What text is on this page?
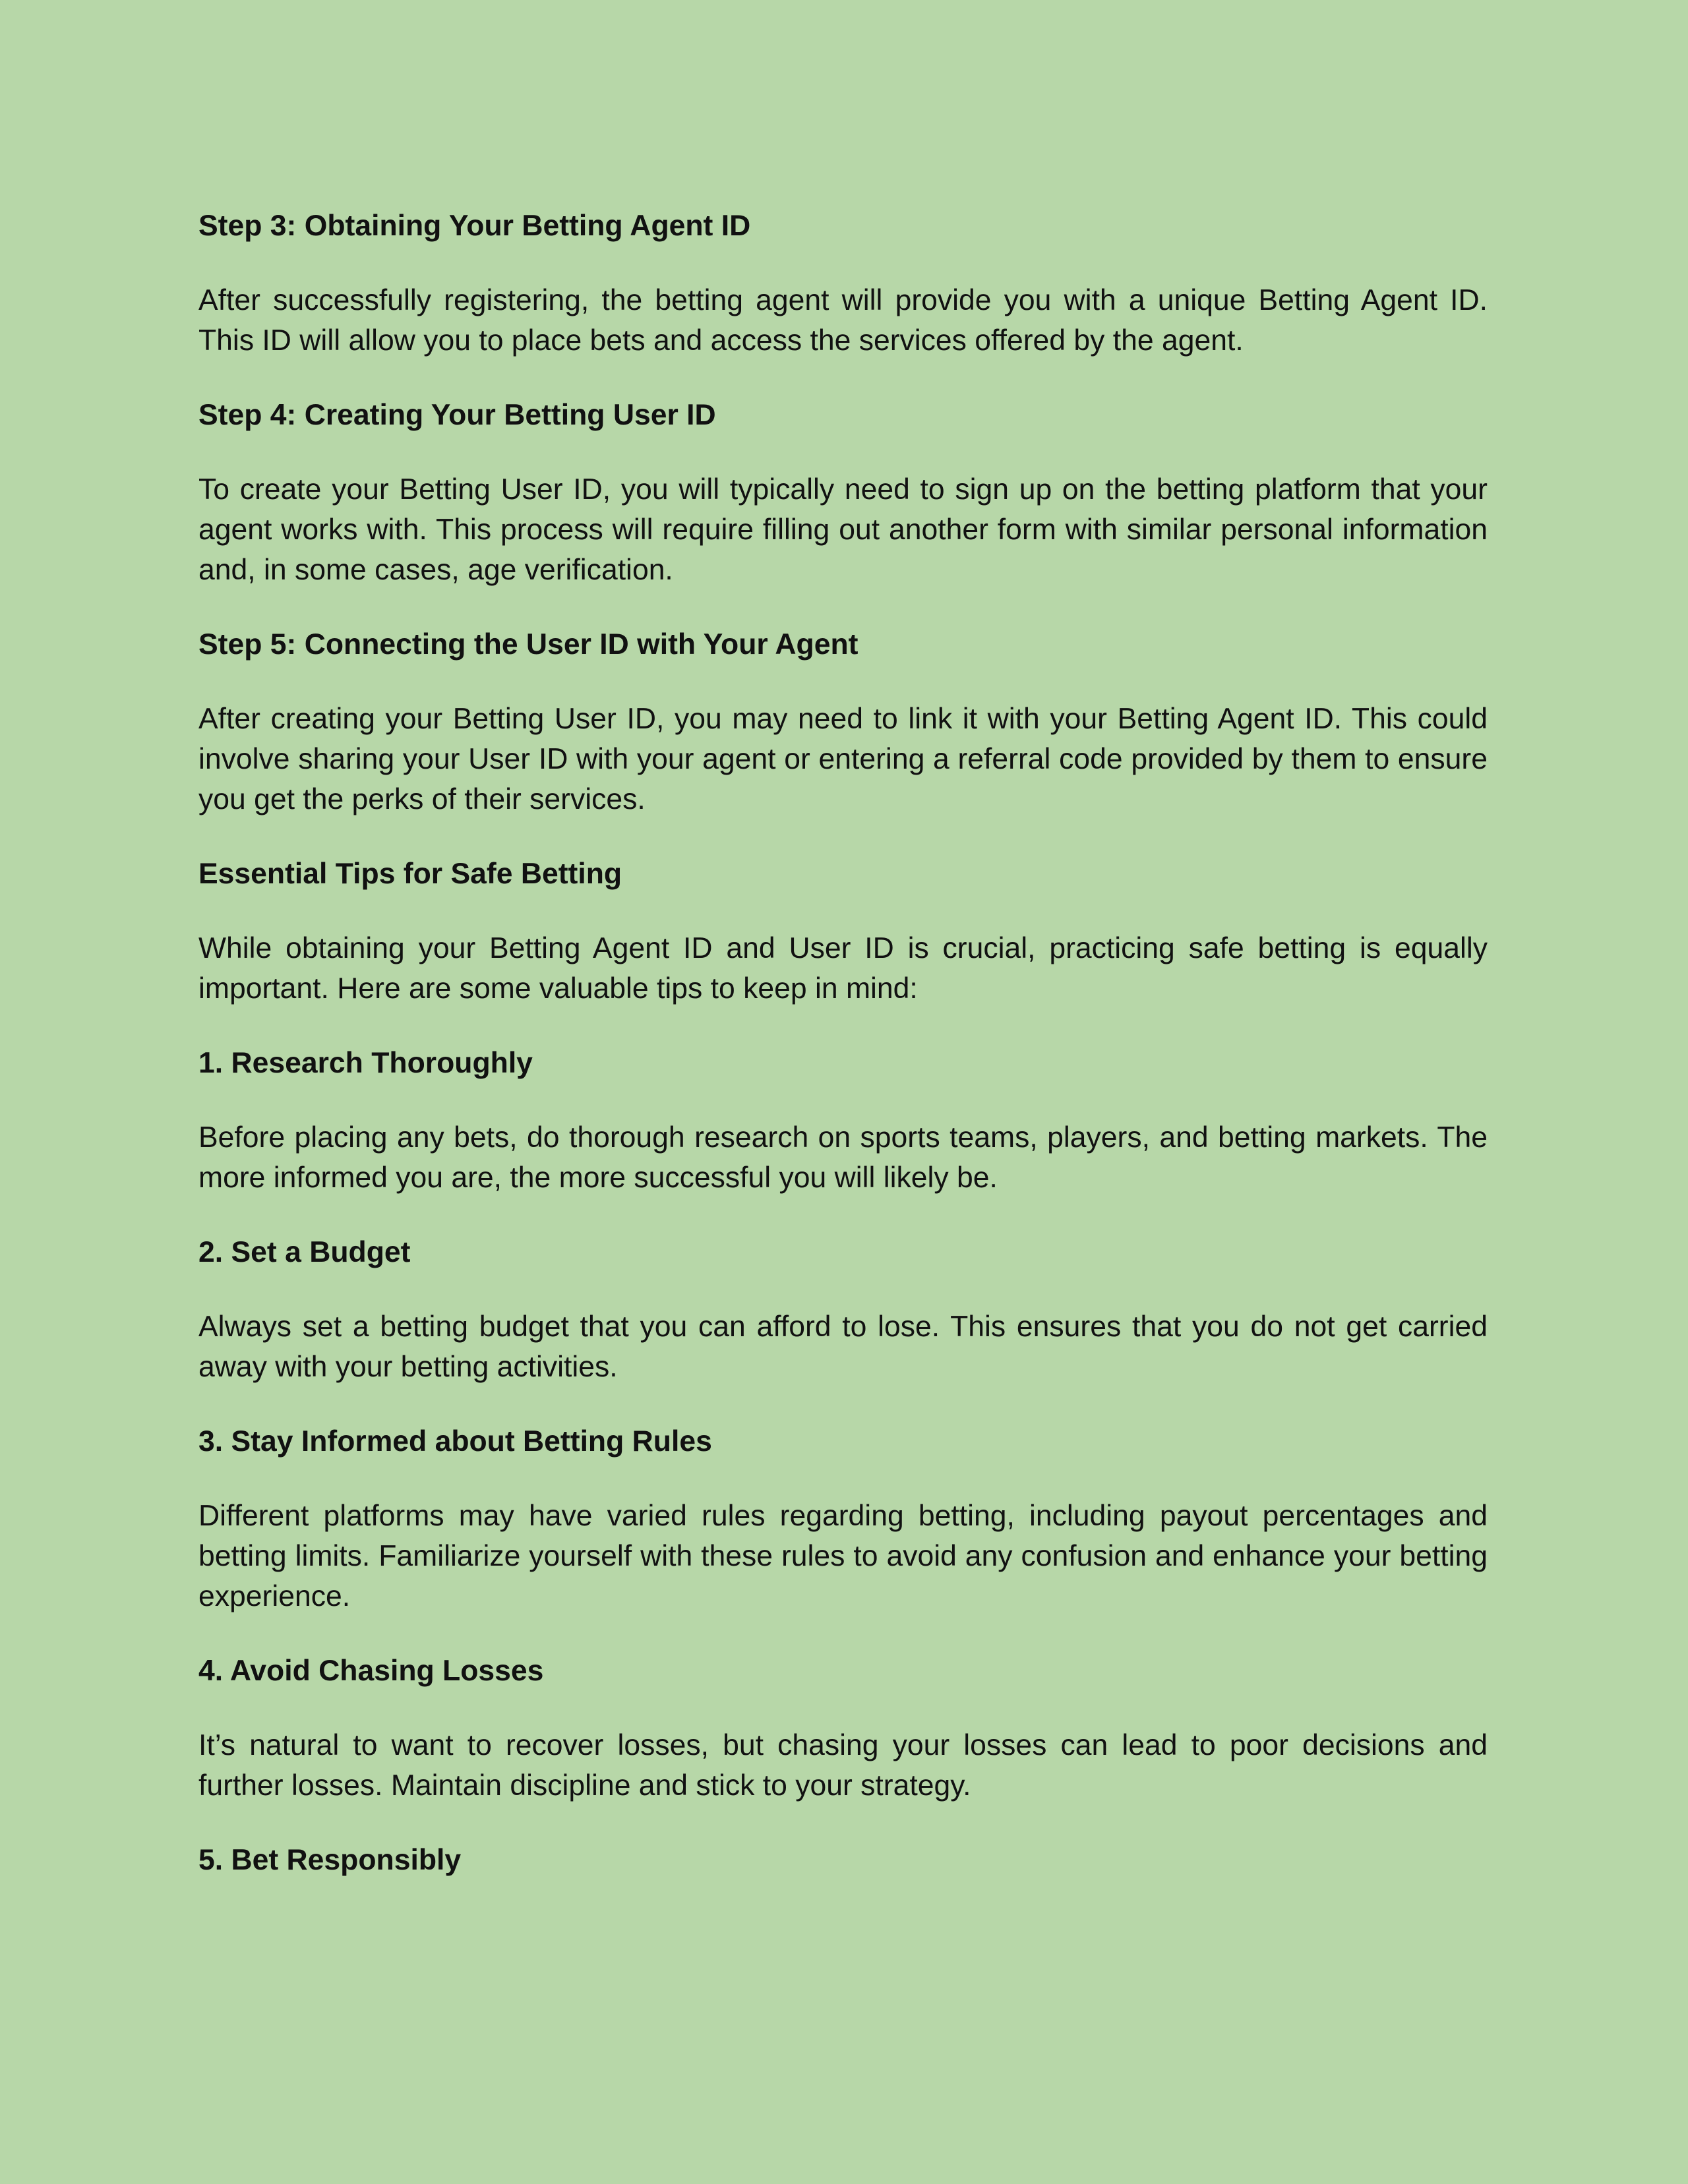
Step 3: Obtaining Your Betting Agent ID
After successfully registering, the betting agent will provide you with a unique Betting Agent ID. This ID will allow you to place bets and access the services offered by the agent.
Step 4: Creating Your Betting User ID
To create your Betting User ID, you will typically need to sign up on the betting platform that your agent works with. This process will require filling out another form with similar personal information and, in some cases, age verification.
Step 5: Connecting the User ID with Your Agent
After creating your Betting User ID, you may need to link it with your Betting Agent ID. This could involve sharing your User ID with your agent or entering a referral code provided by them to ensure you get the perks of their services.
Essential Tips for Safe Betting
While obtaining your Betting Agent ID and User ID is crucial, practicing safe betting is equally important. Here are some valuable tips to keep in mind:
1. Research Thoroughly
Before placing any bets, do thorough research on sports teams, players, and betting markets. The more informed you are, the more successful you will likely be.
2. Set a Budget
Always set a betting budget that you can afford to lose. This ensures that you do not get carried away with your betting activities.
3. Stay Informed about Betting Rules
Different platforms may have varied rules regarding betting, including payout percentages and betting limits. Familiarize yourself with these rules to avoid any confusion and enhance your betting experience.
4. Avoid Chasing Losses
It’s natural to want to recover losses, but chasing your losses can lead to poor decisions and further losses. Maintain discipline and stick to your strategy.
5. Bet Responsibly
